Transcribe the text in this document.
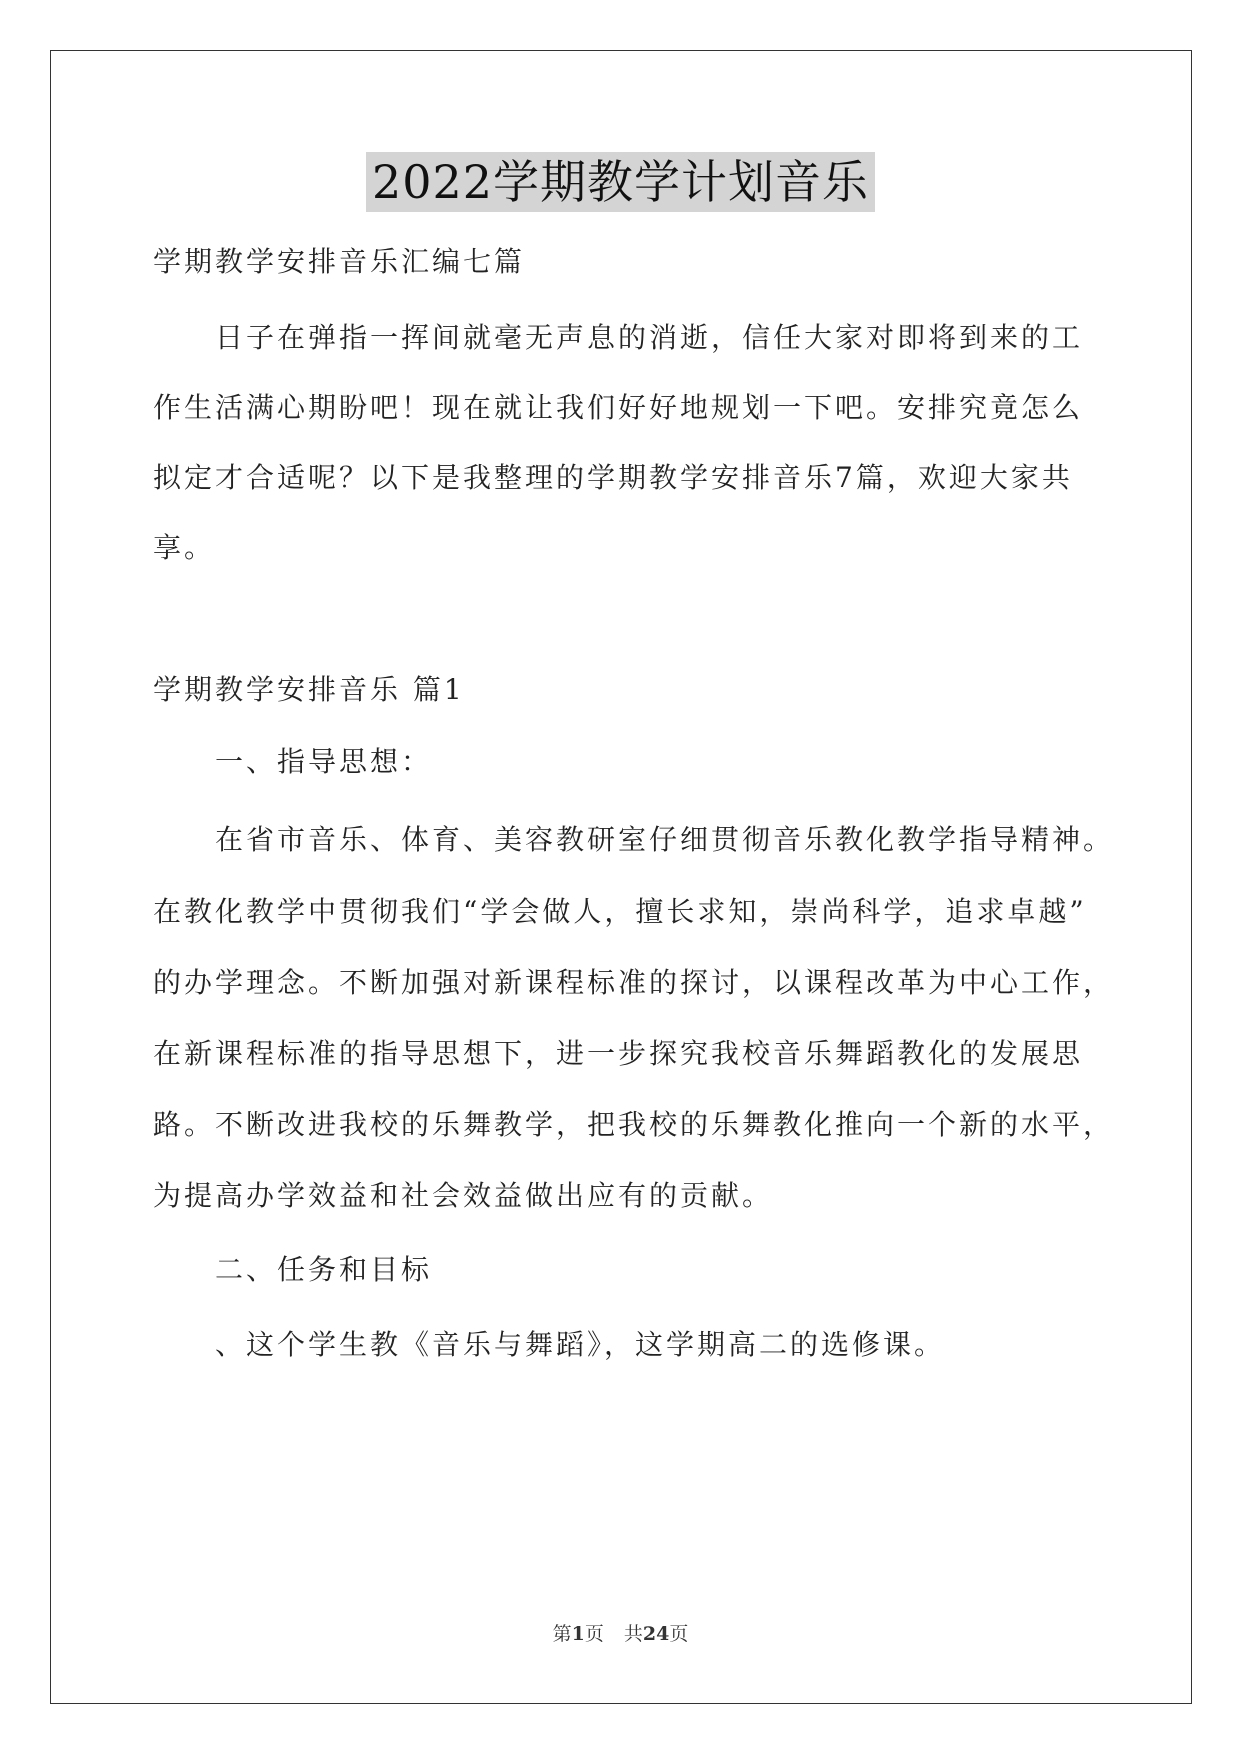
2022学期教学计划音乐
学期教学安排音乐汇编七篇
日子在弹指一挥间就毫无声息的消逝，信任大家对即将到来的工
作生活满心期盼吧！现在就让我们好好地规划一下吧。安排究竟怎么
拟定才合适呢？以下是我整理的学期教学安排音乐7篇，欢迎大家共
享。
学期教学安排音乐 篇1
一、指导思想：
在省市音乐、体育、美容教研室仔细贯彻音乐教化教学指导精神。
在教化教学中贯彻我们“学会做人，擅长求知，崇尚科学，追求卓越”
的办学理念。不断加强对新课程标准的探讨，以课程改革为中心工作，
在新课程标准的指导思想下，进一步探究我校音乐舞蹈教化的发展思
路。不断改进我校的乐舞教学，把我校的乐舞教化推向一个新的水平，
为提高办学效益和社会效益做出应有的贡献。
二、任务和目标
、这个学生教《音乐与舞蹈》，这学期高二的选修课。
第1页 共24页
